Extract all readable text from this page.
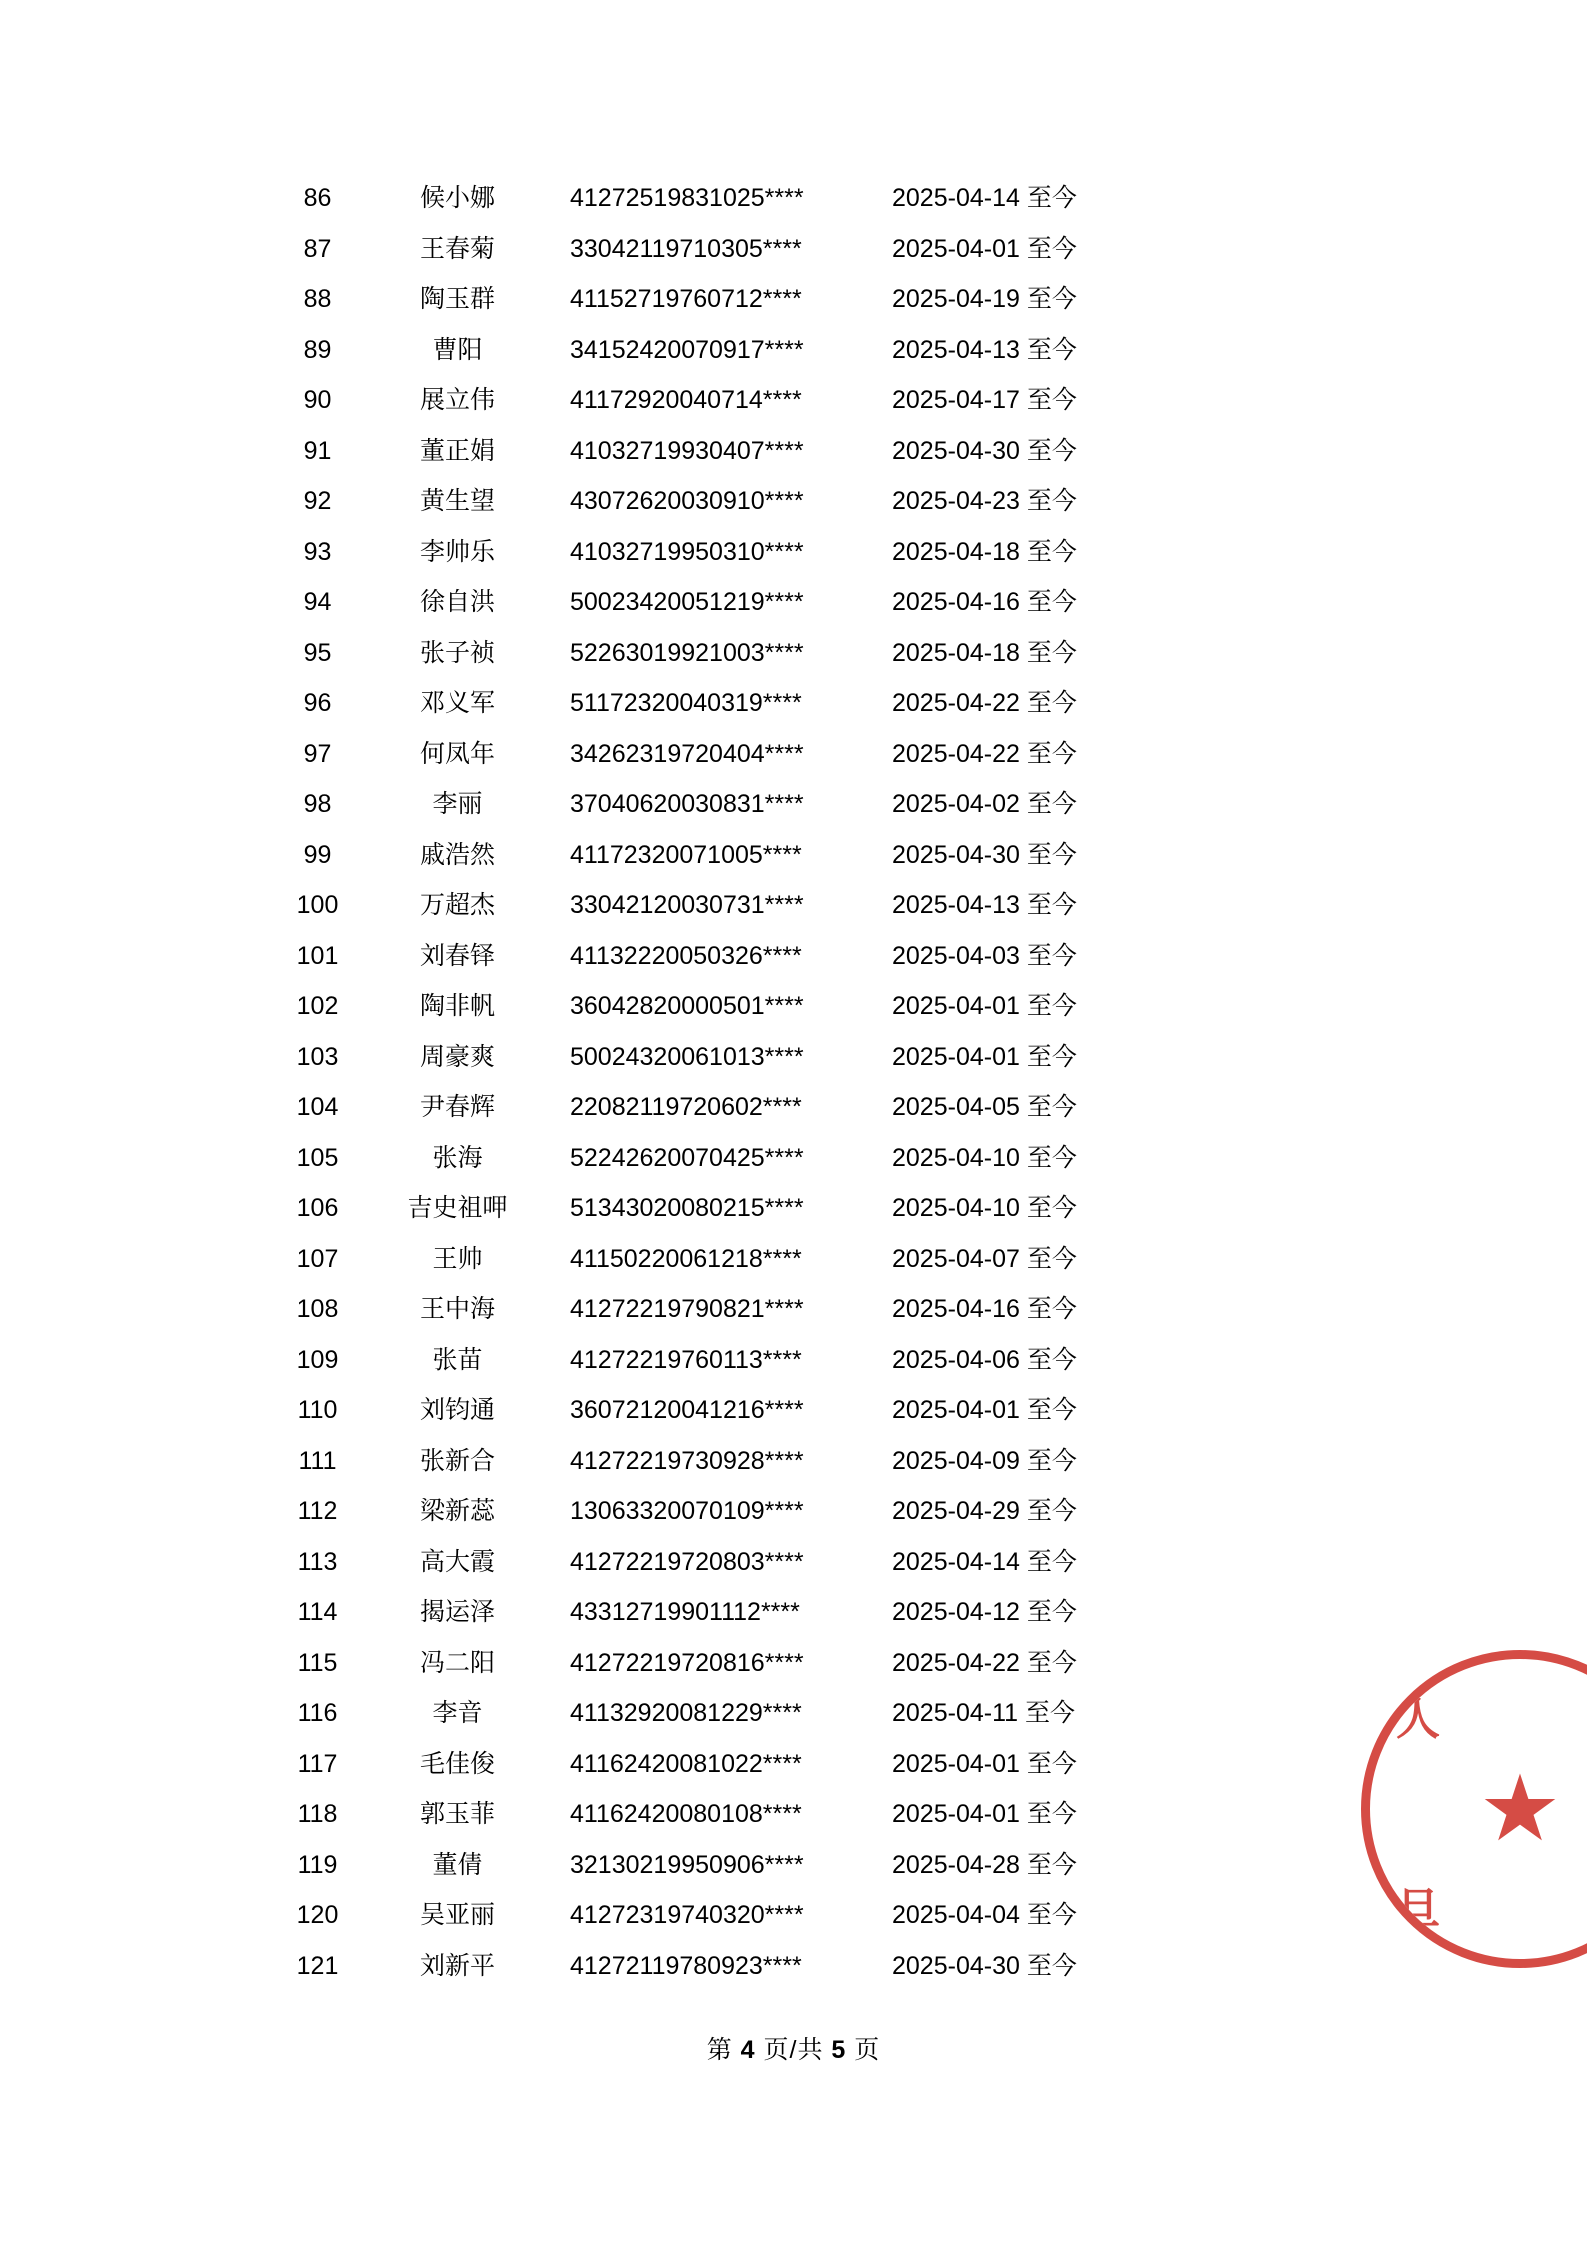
86	候小娜	41272519831025****	2025-04-14 至今
87	王春菊	33042119710305****	2025-04-01 至今
88	陶玉群	41152719760712****	2025-04-19 至今
89	曹阳	34152420070917****	2025-04-13 至今
90	展立伟	41172920040714****	2025-04-17 至今
91	董正娟	41032719930407****	2025-04-30 至今
92	黄生望	43072620030910****	2025-04-23 至今
93	李帅乐	41032719950310****	2025-04-18 至今
94	徐自洪	50023420051219****	2025-04-16 至今
95	张子祯	52263019921003****	2025-04-18 至今
96	邓义军	51172320040319****	2025-04-22 至今
97	何凤年	34262319720404****	2025-04-22 至今
98	李丽	37040620030831****	2025-04-02 至今
99	戚浩然	41172320071005****	2025-04-30 至今
100	万超杰	33042120030731****	2025-04-13 至今
101	刘春铎	41132220050326****	2025-04-03 至今
102	陶非帆	36042820000501****	2025-04-01 至今
103	周豪爽	50024320061013****	2025-04-01 至今
104	尹春辉	22082119720602****	2025-04-05 至今
105	张海	52242620070425****	2025-04-10 至今
106	吉史祖呷	51343020080215****	2025-04-10 至今
107	王帅	41150220061218****	2025-04-07 至今
108	王中海	41272219790821****	2025-04-16 至今
109	张苗	41272219760113****	2025-04-06 至今
110	刘钧通	36072120041216****	2025-04-01 至今
111	张新合	41272219730928****	2025-04-09 至今
112	梁新蕊	13063320070109****	2025-04-29 至今
113	高大霞	41272219720803****	2025-04-14 至今
114	揭运泽	43312719901112****	2025-04-12 至今
115	冯二阳	41272219720816****	2025-04-22 至今
116	李音	41132920081229****	2025-04-11 至今
117	毛佳俊	41162420081022****	2025-04-01 至今
118	郭玉菲	41162420080108****	2025-04-01 至今
119	董倩	32130219950906****	2025-04-28 至今
120	吴亚丽	41272319740320****	2025-04-04 至今
121	刘新平	41272119780923****	2025-04-30 至今
第 4 页/共 5 页
人
★
旦
